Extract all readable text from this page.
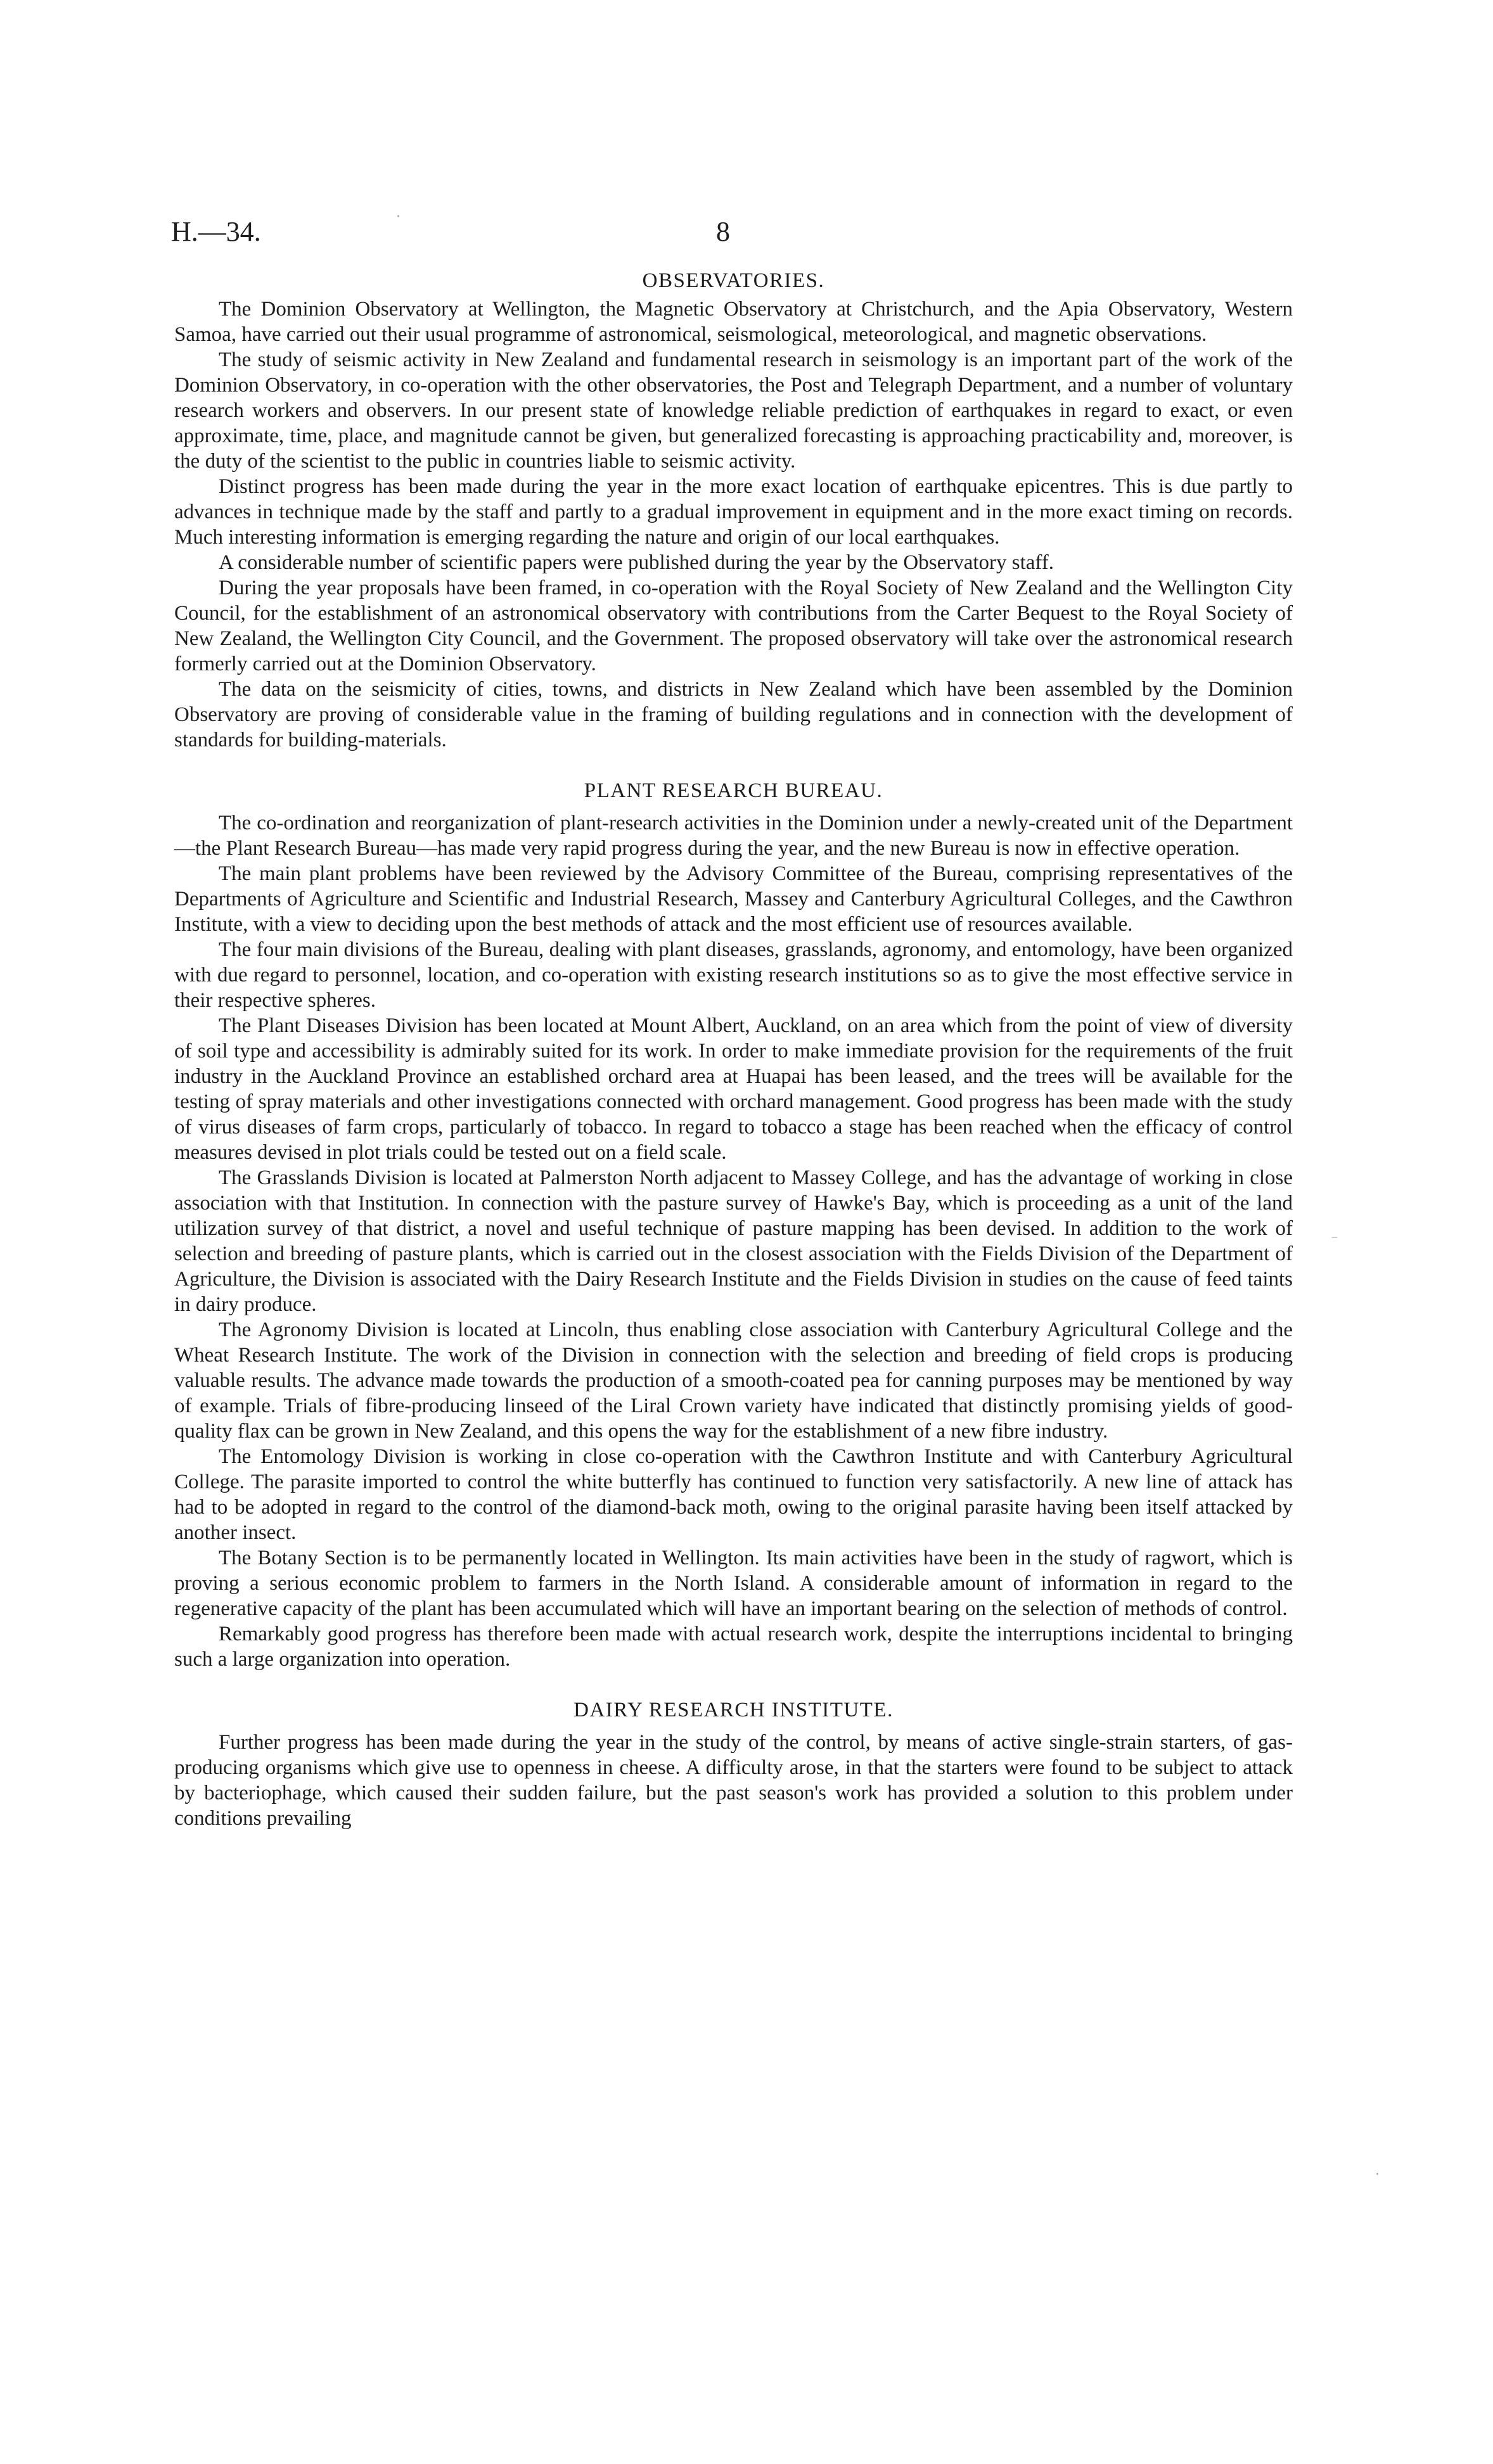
H.—34.	8
OBSERVATORIES.

The Dominion Observatory at Wellington, the Magnetic Observatory at Christchurch, and the Apia Observatory, Western Samoa, have carried out their usual programme of astronomical, seismological, meteorological, and magnetic observations.

The study of seismic activity in New Zealand and fundamental research in seismology is an important part of the work of the Dominion Observatory, in co-operation with the other observatories, the Post and Telegraph Department, and a number of voluntary research workers and observers. In our present state of knowledge reliable prediction of earthquakes in regard to exact, or even approximate, time, place, and magnitude cannot be given, but generalized forecasting is approaching practicability and, moreover, is the duty of the scientist to the public in countries liable to seismic activity.

Distinct progress has been made during the year in the more exact location of earthquake epicentres. This is due partly to advances in technique made by the staff and partly to a gradual improvement in equipment and in the more exact timing on records. Much interesting information is emerging regarding the nature and origin of our local earthquakes.

A considerable number of scientific papers were published during the year by the Observatory staff.

During the year proposals have been framed, in co-operation with the Royal Society of New Zealand and the Wellington City Council, for the establishment of an astronomical observatory with contributions from the Carter Bequest to the Royal Society of New Zealand, the Wellington City Council, and the Government. The proposed observatory will take over the astronomical research formerly carried out at the Dominion Observatory.

The data on the seismicity of cities, towns, and districts in New Zealand which have been assembled by the Dominion Observatory are proving of considerable value in the framing of building regulations and in connection with the development of standards for building-materials.

PLANT RESEARCH BUREAU.

The co-ordination and reorganization of plant-research activities in the Dominion under a newly-created unit of the Department—the Plant Research Bureau—has made very rapid progress during the year, and the new Bureau is now in effective operation.

The main plant problems have been reviewed by the Advisory Committee of the Bureau, comprising representatives of the Departments of Agriculture and Scientific and Industrial Research, Massey and Canterbury Agricultural Colleges, and the Cawthron Institute, with a view to deciding upon the best methods of attack and the most efficient use of resources available.

The four main divisions of the Bureau, dealing with plant diseases, grasslands, agronomy, and entomology, have been organized with due regard to personnel, location, and co-operation with existing research institutions so as to give the most effective service in their respective spheres.

The Plant Diseases Division has been located at Mount Albert, Auckland, on an area which from the point of view of diversity of soil type and accessibility is admirably suited for its work. In order to make immediate provision for the requirements of the fruit industry in the Auckland Province an established orchard area at Huapai has been leased, and the trees will be available for the testing of spray materials and other investigations connected with orchard management. Good progress has been made with the study of virus diseases of farm crops, particularly of tobacco. In regard to tobacco a stage has been reached when the efficacy of control measures devised in plot trials could be tested out on a field scale.

The Grasslands Division is located at Palmerston North adjacent to Massey College, and has the advantage of working in close association with that Institution. In connection with the pasture survey of Hawke's Bay, which is proceeding as a unit of the land utilization survey of that district, a novel and useful technique of pasture mapping has been devised. In addition to the work of selection and breeding of pasture plants, which is carried out in the closest association with the Fields Division of the Department of Agriculture, the Division is associated with the Dairy Research Institute and the Fields Division in studies on the cause of feed taints in dairy produce.

The Agronomy Division is located at Lincoln, thus enabling close association with Canterbury Agricultural College and the Wheat Research Institute. The work of the Division in connection with the selection and breeding of field crops is producing valuable results. The advance made towards the production of a smooth-coated pea for canning purposes may be mentioned by way of example. Trials of fibre-producing linseed of the Liral Crown variety have indicated that distinctly promising yields of good-quality flax can be grown in New Zealand, and this opens the way for the establishment of a new fibre industry.

The Entomology Division is working in close co-operation with the Cawthron Institute and with Canterbury Agricultural College. The parasite imported to control the white butterfly has continued to function very satisfactorily. A new line of attack has had to be adopted in regard to the control of the diamond-back moth, owing to the original parasite having been itself attacked by another insect.

The Botany Section is to be permanently located in Wellington. Its main activities have been in the study of ragwort, which is proving a serious economic problem to farmers in the North Island. A considerable amount of information in regard to the regenerative capacity of the plant has been accumulated which will have an important bearing on the selection of methods of control.

Remarkably good progress has therefore been made with actual research work, despite the interruptions incidental to bringing such a large organization into operation.

DAIRY RESEARCH INSTITUTE.

Further progress has been made during the year in the study of the control, by means of active single-strain starters, of gas-producing organisms which give use to openness in cheese. A difficulty arose, in that the starters were found to be subject to attack by bacteriophage, which caused their sudden failure, but the past season's work has provided a solution to this problem under conditions prevailing

·
⁻
·
